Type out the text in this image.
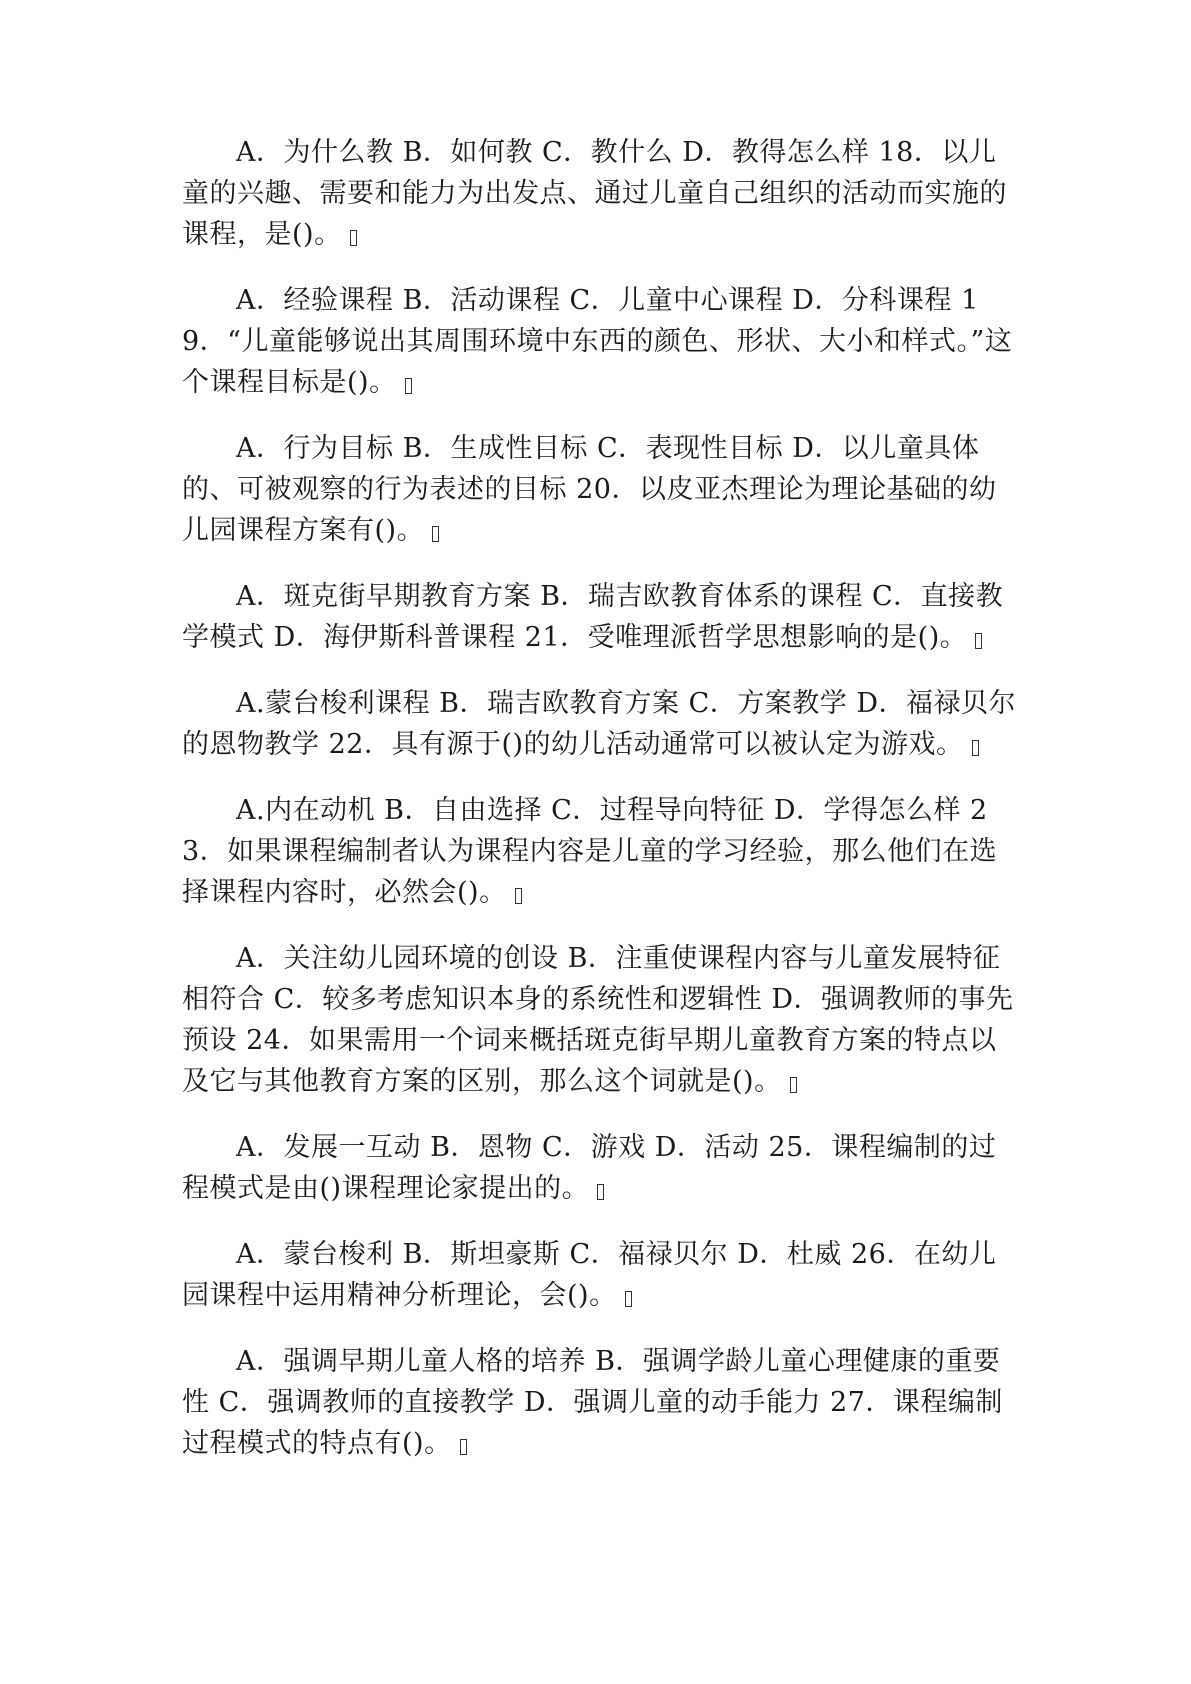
A．为什么教 B．如何教 C．教什么 D．教得怎么样 18．以儿童的兴趣、需要和能力为出发点、通过儿童自己组织的活动而实施的课程，是()。

A．经验课程 B．活动课程 C．儿童中心课程 D．分科课程 19．“儿童能够说出其周围环境中东西的颜色、形状、大小和样式。”这个课程目标是()。

A．行为目标 B．生成性目标 C．表现性目标 D．以儿童具体的、可被观察的行为表述的目标 20．以皮亚杰理论为理论基础的幼儿园课程方案有()。

A．斑克街早期教育方案 B．瑞吉欧教育体系的课程 C．直接教学模式 D．海伊斯科普课程 21．受唯理派哲学思想影响的是()。

A.蒙台梭利课程 B．瑞吉欧教育方案 C．方案教学 D．福禄贝尔的恩物教学 22．具有源于()的幼儿活动通常可以被认定为游戏。

A.内在动机 B．自由选择 C．过程导向特征 D．学得怎么样 23．如果课程编制者认为课程内容是儿童的学习经验，那么他们在选择课程内容时，必然会()。

A．关注幼儿园环境的创设 B．注重使课程内容与儿童发展特征相符合 C．较多考虑知识本身的系统性和逻辑性 D．强调教师的事先预设 24．如果需用一个词来概括斑克街早期儿童教育方案的特点以及它与其他教育方案的区别，那么这个词就是()。

A．发展一互动 B．恩物 C．游戏 D．活动 25．课程编制的过程模式是由()课程理论家提出的。

A．蒙台梭利 B．斯坦豪斯 C．福禄贝尔 D．杜威 26．在幼儿园课程中运用精神分析理论，会()。

A．强调早期儿童人格的培养 B．强调学龄儿童心理健康的重要性 C．强调教师的直接教学 D．强调儿童的动手能力 27．课程编制过程模式的特点有()。
